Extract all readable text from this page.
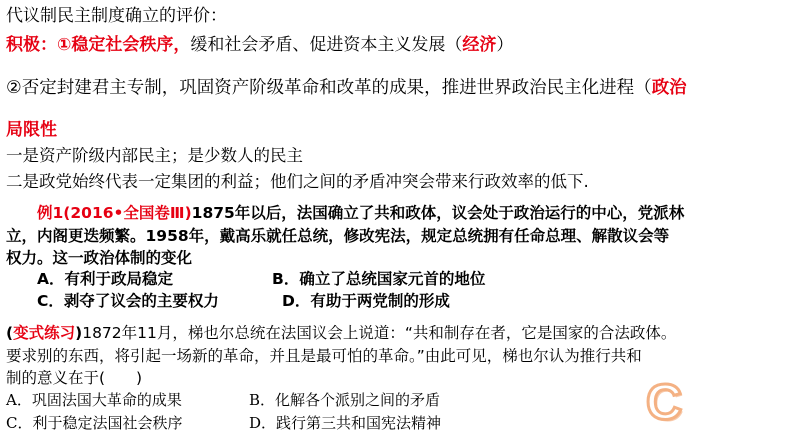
代议制民主制度确立的评价：
积极：①稳定社会秩序，缓和社会矛盾、促进资本主义发展（经济）
②否定封建君主专制，巩固资产阶级革命和改革的成果，推进世界政治民主化进程（政治
局限性
一是资产阶级内部民主；是少数人的民主
二是政党始终代表一定集团的利益；他们之间的矛盾冲突会带来行政效率的低下.
例1(2016•全国卷Ⅲ)1875年以后，法国确立了共和政体，议会处于政治运行的中心，党派林
立，内阁更迭频繁。1958年，戴高乐就任总统，修改宪法，规定总统拥有任命总理、解散议会等
权力。这一政治体制的变化
A．有利于政局稳定	B．确立了总统国家元首的地位
C．剥夺了议会的主要权力	D．有助于两党制的形成
(变式练习)1872年11月，梯也尔总统在法国议会上说道：“共和制存在者，它是国家的合法政体。
要求别的东西，将引起一场新的革命，并且是最可怕的革命。”由此可见，梯也尔认为推行共和
制的意义在于(　　)
A．巩固法国大革命的成果	B．化解各个派别之间的矛盾
C．利于稳定法国社会秩序	D．践行第三共和国宪法精神	C
